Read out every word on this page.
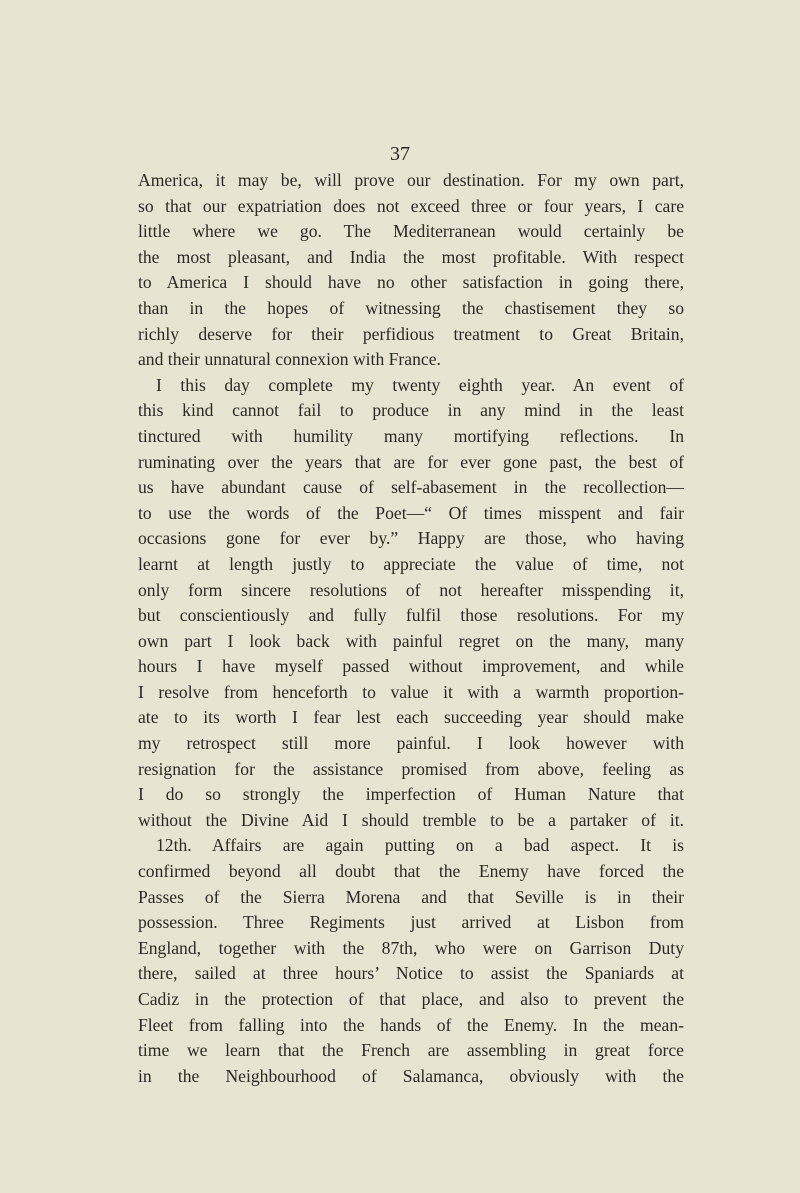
37
America, it may be, will prove our destination. For my own part,
so that our expatriation does not exceed three or four years, I care
little where we go. The Mediterranean would certainly be
the most pleasant, and India the most profitable. With respect
to America I should have no other satisfaction in going there,
than in the hopes of witnessing the chastisement they so
richly deserve for their perfidious treatment to Great Britain,
and their unnatural connexion with France.
I this day complete my twenty eighth year. An event of
this kind cannot fail to produce in any mind in the least
tinctured with humility many mortifying reflections. In
ruminating over the years that are for ever gone past, the best of
us have abundant cause of self-abasement in the recollection—
to use the words of the Poet—“ Of times misspent and fair
occasions gone for ever by.” Happy are those, who having
learnt at length justly to appreciate the value of time, not
only form sincere resolutions of not hereafter misspending it,
but conscientiously and fully fulfil those resolutions. For my
own part I look back with painful regret on the many, many
hours I have myself passed without improvement, and while
I resolve from henceforth to value it with a warmth proportion-
ate to its worth I fear lest each succeeding year should make
my retrospect still more painful. I look however with
resignation for the assistance promised from above, feeling as
I do so strongly the imperfection of Human Nature that
without the Divine Aid I should tremble to be a partaker of it.
12th. Affairs are again putting on a bad aspect. It is
confirmed beyond all doubt that the Enemy have forced the
Passes of the Sierra Morena and that Seville is in their
possession. Three Regiments just arrived at Lisbon from
England, together with the 87th, who were on Garrison Duty
there, sailed at three hours’ Notice to assist the Spaniards at
Cadiz in the protection of that place, and also to prevent the
Fleet from falling into the hands of the Enemy. In the mean-
time we learn that the French are assembling in great force
in the Neighbourhood of Salamanca, obviously with the
